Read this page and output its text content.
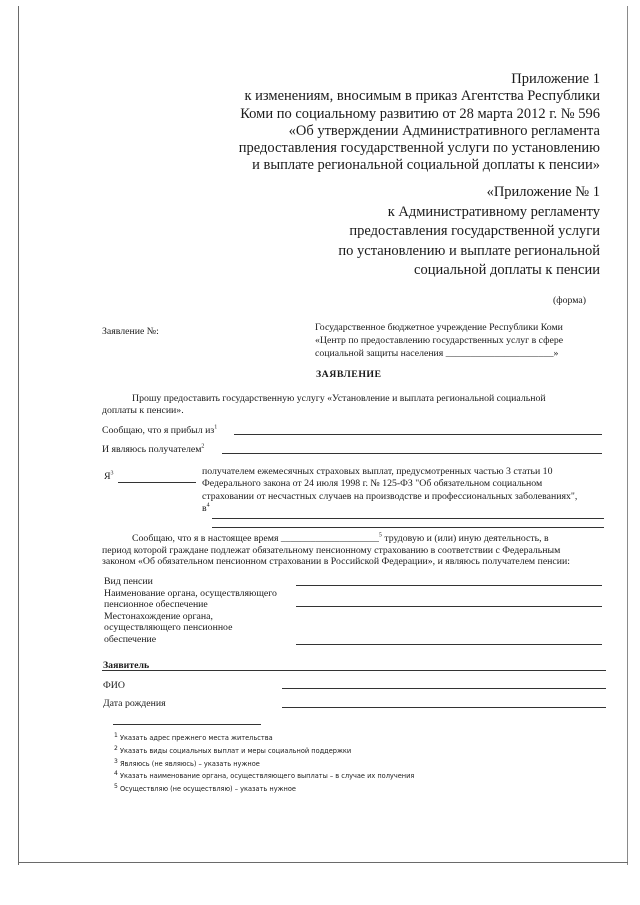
Приложение 1
к изменениям, вносимым в приказ Агентства Республики
Коми по социальному развитию от 28 марта 2012 г. № 596
«Об утверждении Административного регламента
предоставления государственной услуги по установлению
и выплате региональной социальной доплаты к пенсии»
«Приложение № 1
к Административному регламенту
предоставления государственной услуги
по установлению и выплате региональной
социальной доплаты к пенсии
(форма)
Заявление №:	Государственное бюджетное учреждение Республики Коми
«Центр по предоставлению государственных услуг в сфере
социальной защиты населения ______________________»
ЗАЯВЛЕНИЕ
Прошу предоставить государственную услугу «Установление и выплата региональной социальной
доплаты к пенсии».
Сообщаю, что я прибыл $из^1$
И являюсь получателем$^2$
$Я^3$	получателем ежемесячных страховых выплат, предусмотренных частью 3 статьи 10
Федерального закона от 24 июля 1998 г. № 125-ФЗ "Об обязательном социальном
страховании от несчастных случаев на производстве и профессиональных заболеваниях",
$в^4$
Сообщаю, что я в настоящее время ____________________$^5$ трудовую и (или) иную деятельность, в
период которой граждане подлежат обязательному пенсионному страхованию в соответствии с Федеральным
законом «Об обязательном пенсионном страховании в Российской Федерации», и являюсь получателем пенсии:
Вид пенсии
Наименование органа, осуществляющего
пенсионное обеспечение
Местонахождение органа,
осуществляющего пенсионное
обеспечение
Заявитель
ФИО
Дата рождения
$^1$ Указать адрес прежнего места жительства
$^2$ Указать виды социальных выплат и меры социальной поддержки
$^3$ Являюсь (не являюсь) – указать нужное
$^4$ Указать наименование органа, осуществляющего выплаты – в случае их получения
$^5$ Осуществляю (не осуществляю) – указать нужное
